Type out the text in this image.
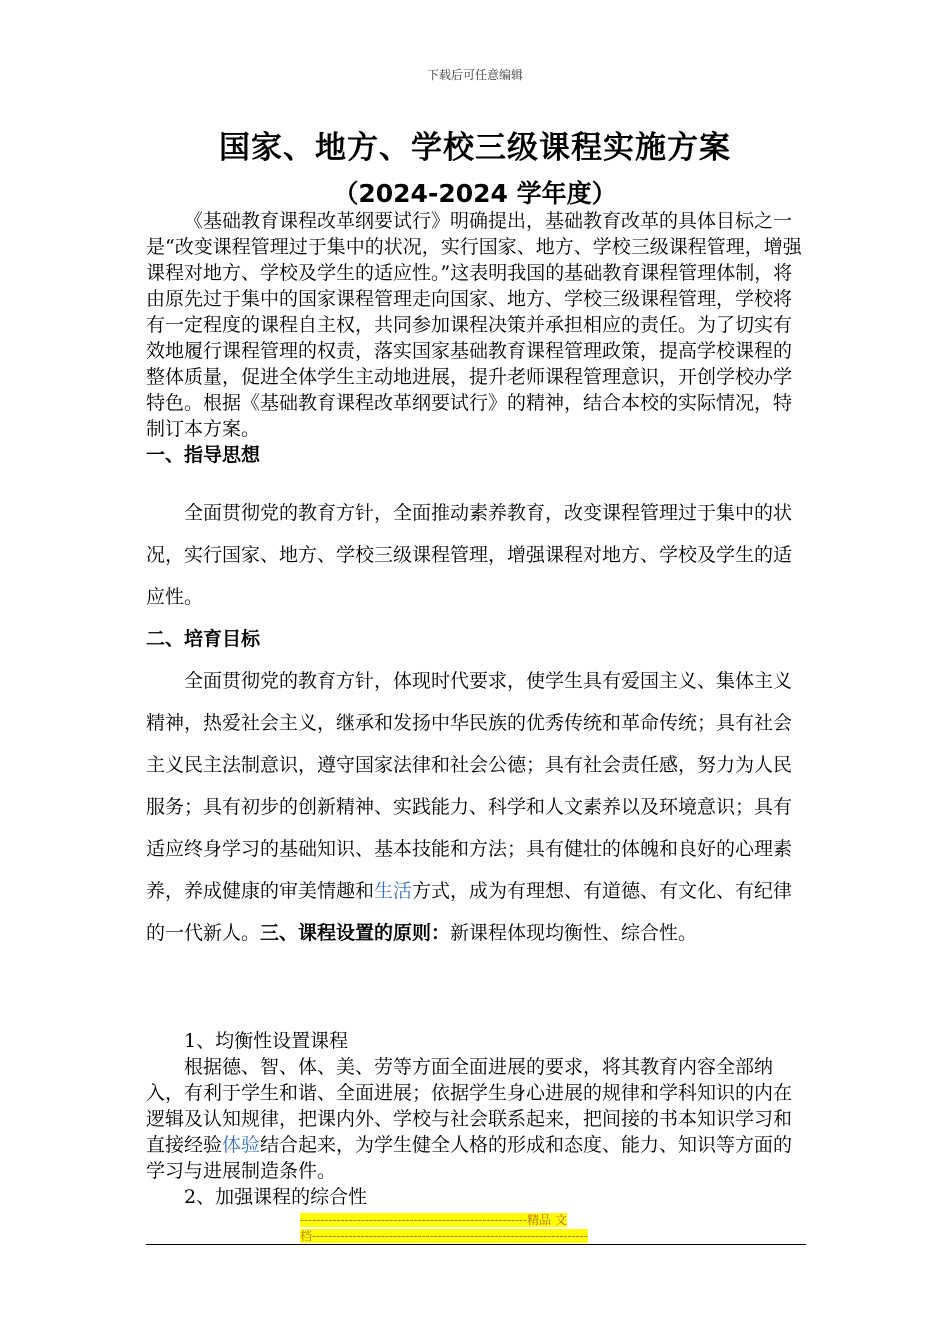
下载后可任意编辑
国家、地方、学校三级课程实施方案
（2024-2024 学年度）

《基础教育课程改革纲要试行》明确提出，基础教育改革的具体目标之一是“改变课程管理过于集中的状况，实行国家、地方、学校三级课程管理，增强课程对地方、学校及学生的适应性。”这表明我国的基础教育课程管理体制，将由原先过于集中的国家课程管理走向国家、地方、学校三级课程管理，学校将有一定程度的课程自主权，共同参加课程决策并承担相应的责任。为了切实有效地履行课程管理的权责，落实国家基础教育课程管理政策，提高学校课程的整体质量，促进全体学生主动地进展，提升老师课程管理意识，开创学校办学特色。根据《基础教育课程改革纲要试行》的精神，结合本校的实际情况，特制订本方案。

一、指导思想

全面贯彻党的教育方针，全面推动素养教育，改变课程管理过于集中的状况，实行国家、地方、学校三级课程管理，增强课程对地方、学校及学生的适应性。

二、培育目标

全面贯彻党的教育方针，体现时代要求，使学生具有爱国主义、集体主义精神，热爱社会主义，继承和发扬中华民族的优秀传统和革命传统；具有社会主义民主法制意识，遵守国家法律和社会公德；具有社会责任感，努力为人民服务；具有初步的创新精神、实践能力、科学和人文素养以及环境意识；具有适应终身学习的基础知识、基本技能和方法；具有健壮的体魄和良好的心理素养，养成健康的审美情趣和生活方式，成为有理想、有道德、有文化、有纪律的一代新人。三、课程设置的原则：新课程体现均衡性、综合性。

1、均衡性设置课程

根据德、智、体、美、劳等方面全面进展的要求，将其教育内容全部纳入，有利于学生和谐、全面进展；依据学生身心进展的规律和学科知识的内在逻辑及认知规律，把课内外、学校与社会联系起来，把间接的书本知识学习和直接经验体验结合起来，为学生健全人格的形成和态度、能力、知识等方面的学习与进展制造条件。

2、加强课程的综合性

--------------------------------------------------------精品 文
档--------------------------------------------------------------------
